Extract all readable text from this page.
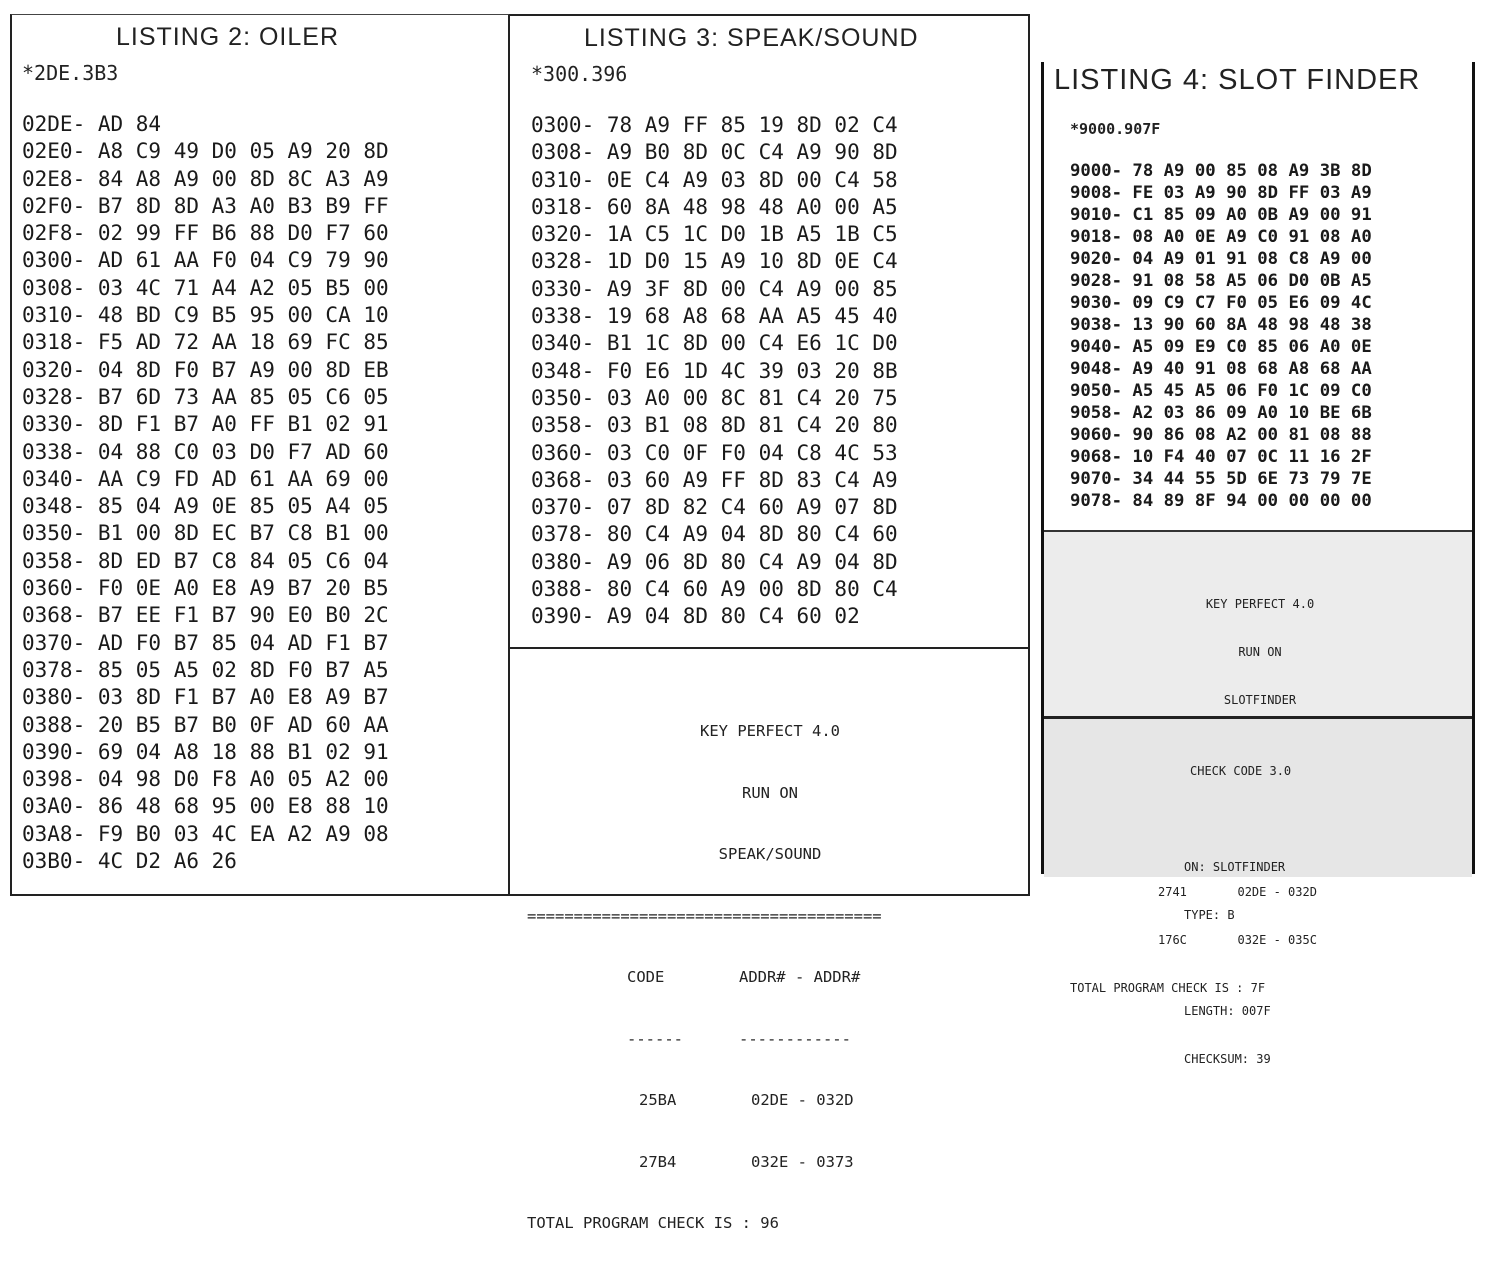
LISTING 2: OILER
*2DE.3B3
02DE- AD 84
02E0- A8 C9 49 D0 05 A9 20 8D
02E8- 84 A8 A9 00 8D 8C A3 A9
02F0- B7 8D 8D A3 A0 B3 B9 FF
02F8- 02 99 FF B6 88 D0 F7 60
0300- AD 61 AA F0 04 C9 79 90
0308- 03 4C 71 A4 A2 05 B5 00
0310- 48 BD C9 B5 95 00 CA 10
0318- F5 AD 72 AA 18 69 FC 85
0320- 04 8D F0 B7 A9 00 8D EB
0328- B7 6D 73 AA 85 05 C6 05
0330- 8D F1 B7 A0 FF B1 02 91
0338- 04 88 C0 03 D0 F7 AD 60
0340- AA C9 FD AD 61 AA 69 00
0348- 85 04 A9 0E 85 05 A4 05
0350- B1 00 8D EC B7 C8 B1 00
0358- 8D ED B7 C8 84 05 C6 04
0360- F0 0E A0 E8 A9 B7 20 B5
0368- B7 EE F1 B7 90 E0 B0 2C
0370- AD F0 B7 85 04 AD F1 B7
0378- 85 05 A5 02 8D F0 B7 A5
0380- 03 8D F1 B7 A0 E8 A9 B7
0388- 20 B5 B7 B0 0F AD 60 AA
0390- 69 04 A8 18 88 B1 02 91
0398- 04 98 D0 F8 A0 05 A2 00
03A0- 86 48 68 95 00 E8 88 10
03A8- F9 B0 03 4C EA A2 A9 08
03B0- 4C D2 A6 26
LISTING 3: SPEAK/SOUND
*300.396
0300- 78 A9 FF 85 19 8D 02 C4
0308- A9 B0 8D 0C C4 A9 90 8D
0310- 0E C4 A9 03 8D 00 C4 58
0318- 60 8A 48 98 48 A0 00 A5
0320- 1A C5 1C D0 1B A5 1B C5
0328- 1D D0 15 A9 10 8D 0E C4
0330- A9 3F 8D 00 C4 A9 00 85
0338- 19 68 A8 68 AA A5 45 40
0340- B1 1C 8D 00 C4 E6 1C D0
0348- F0 E6 1D 4C 39 03 20 8B
0350- 03 A0 00 8C 81 C4 20 75
0358- 03 B1 08 8D 81 C4 20 80
0360- 03 C0 0F F0 04 C8 4C 53
0368- 03 60 A9 FF 8D 83 C4 A9
0370- 07 8D 82 C4 60 A9 07 8D
0378- 80 C4 A9 04 8D 80 C4 60
0380- A9 06 8D 80 C4 A9 04 8D
0388- 80 C4 60 A9 00 8D 80 C4
0390- A9 04 8D 80 C4 60 02

KEY PERFECT 4.0

RUN ON

SPEAK/SOUND

======================================

CODE        ADDR# - ADDR#

------      ------------

25BA        02DE - 032D

27B4        032E - 0373

TOTAL PROGRAM CHECK IS : 96

LISTING 4: SLOT FINDER
*9000.907F
9000- 78 A9 00 85 08 A9 3B 8D
9008- FE 03 A9 90 8D FF 03 A9
9010- C1 85 09 A0 0B A9 00 91
9018- 08 A0 0E A9 C0 91 08 A0
9020- 04 A9 01 91 08 C8 A9 00
9028- 91 08 58 A5 06 D0 0B A5
9030- 09 C9 C7 F0 05 E6 09 4C
9038- 13 90 60 8A 48 98 48 38
9040- A5 09 E9 C0 85 06 A0 0E
9048- A9 40 91 08 68 A8 68 AA
9050- A5 45 A5 06 F0 1C 09 C0
9058- A2 03 86 09 A0 10 BE 6B
9060- 90 86 08 A2 00 81 08 88
9068- 10 F4 40 07 0C 11 16 2F
9070- 34 44 55 5D 6E 73 79 7E
9078- 84 89 8F 94 00 00 00 00

KEY PERFECT 4.0

RUN ON

SLOTFINDER

2741       02DE - 032D

176C       032E - 035C

TOTAL PROGRAM CHECK IS : 7F

CHECK CODE 3.0

ON: SLOTFINDER

TYPE: B

LENGTH: 007F

CHECKSUM: 39
